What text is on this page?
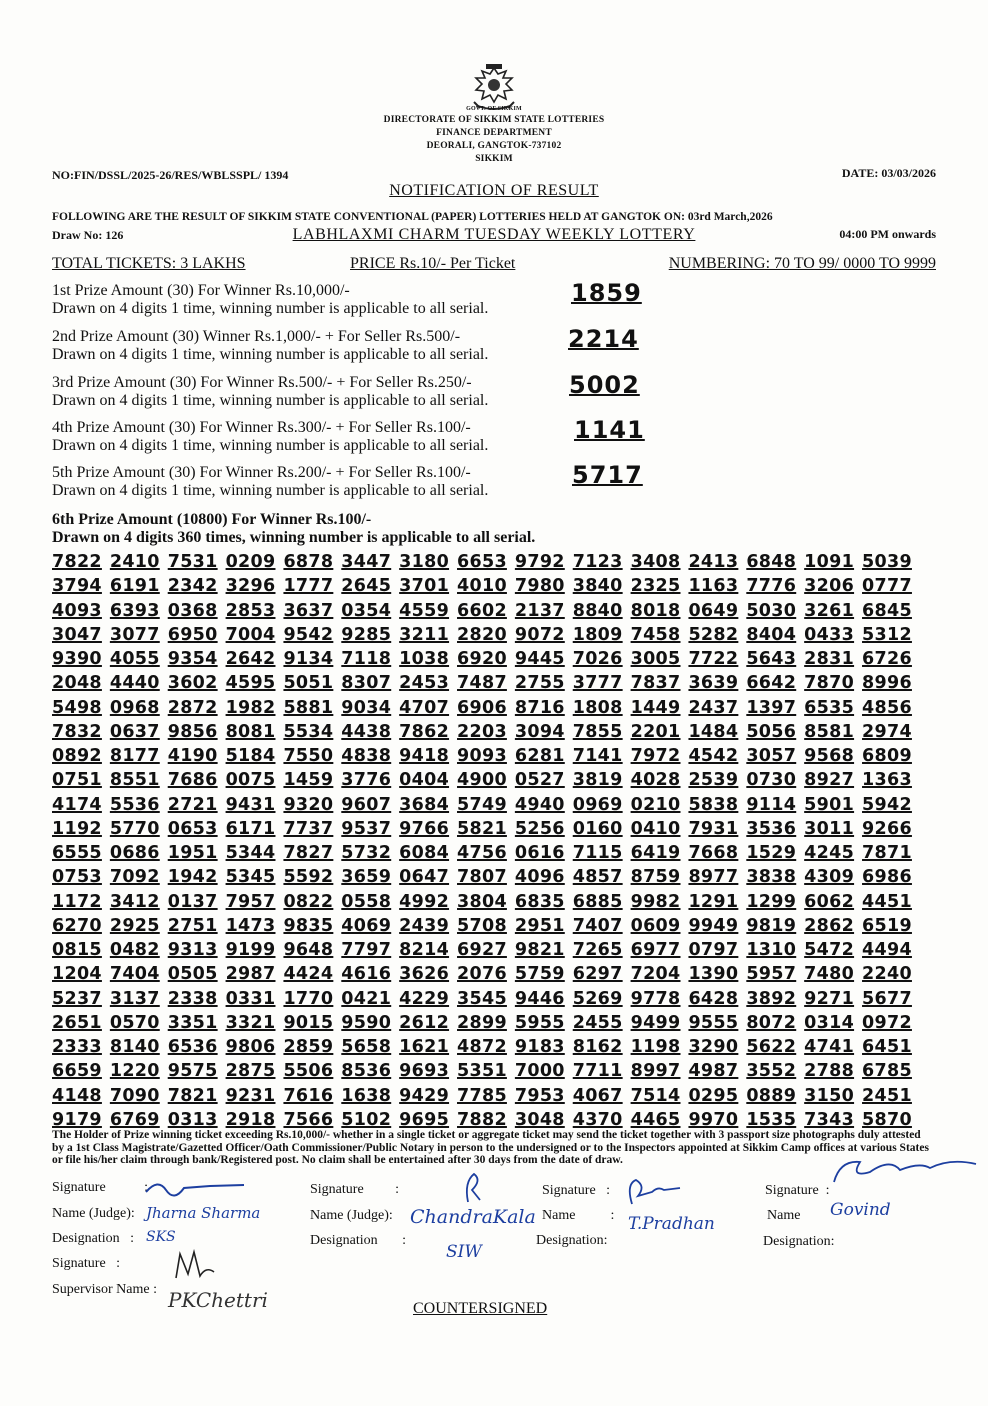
GOVT. OF SIKKIM
DIRECTORATE OF SIKKIM STATE LOTTERIES
FINANCE DEPARTMENT
DEORALI, GANGTOK-737102
SIKKIM
NO:FIN/DSSL/2025-26/RES/WBLSSPL/ 1394	DATE: 03/03/2026
NOTIFICATION OF RESULT
FOLLOWING ARE THE RESULT OF SIKKIM STATE CONVENTIONAL (PAPER) LOTTERIES HELD AT GANGTOK ON: 03rd March,2026
Draw No: 126	LABHLAXMI CHARM TUESDAY WEEKLY LOTTERY	04:00 PM onwards
TOTAL TICKETS: 3 LAKHS	PRICE Rs.10/- Per Ticket	NUMBERING: 70 TO 99/ 0000 TO 9999
1st Prize Amount (30) For Winner Rs.10,000/-
Drawn on 4 digits 1 time, winning number is applicable to all serial.
1859
2nd Prize Amount (30) Winner Rs.1,000/- + For Seller Rs.500/-
Drawn on 4 digits 1 time, winning number is applicable to all serial.
2214
3rd Prize Amount (30) For Winner Rs.500/- + For Seller Rs.250/-
Drawn on 4 digits 1 time, winning number is applicable to all serial.
5002
4th Prize Amount (30) For Winner Rs.300/- + For Seller Rs.100/-
Drawn on 4 digits 1 time, winning number is applicable to all serial.
1141
5th Prize Amount (30) For Winner Rs.200/- + For Seller Rs.100/-
Drawn on 4 digits 1 time, winning number is applicable to all serial.
5717
6th Prize Amount (10800) For Winner Rs.100/-
Drawn on 4 digits 360 times, winning number is applicable to all serial.
7822 2410 7531 0209 6878 3447 3180 6653 9792 7123 3408 2413 6848 1091 5039
3794 6191 2342 3296 1777 2645 3701 4010 7980 3840 2325 1163 7776 3206 0777
4093 6393 0368 2853 3637 0354 4559 6602 2137 8840 8018 0649 5030 3261 6845
3047 3077 6950 7004 9542 9285 3211 2820 9072 1809 7458 5282 8404 0433 5312
9390 4055 9354 2642 9134 7118 1038 6920 9445 7026 3005 7722 5643 2831 6726
2048 4440 3602 4595 5051 8307 2453 7487 2755 3777 7837 3639 6642 7870 8996
5498 0968 2872 1982 5881 9034 4707 6906 8716 1808 1449 2437 1397 6535 4856
7832 0637 9856 8081 5534 4438 7862 2203 3094 7855 2201 1484 5056 8581 2974
0892 8177 4190 5184 7550 4838 9418 9093 6281 7141 7972 4542 3057 9568 6809
0751 8551 7686 0075 1459 3776 0404 4900 0527 3819 4028 2539 0730 8927 1363
4174 5536 2721 9431 9320 9607 3684 5749 4940 0969 0210 5838 9114 5901 5942
1192 5770 0653 6171 7737 9537 9766 5821 5256 0160 0410 7931 3536 3011 9266
6555 0686 1951 5344 7827 5732 6084 4756 0616 7115 6419 7668 1529 4245 7871
0753 7092 1942 5345 5592 3659 0647 7807 4096 4857 8759 8977 3838 4309 6986
1172 3412 0137 7957 0822 0558 4992 3804 6835 6885 9982 1291 1299 6062 4451
6270 2925 2751 1473 9835 4069 2439 5708 2951 7407 0609 9949 9819 2862 6519
0815 0482 9313 9199 9648 7797 8214 6927 9821 7265 6977 0797 1310 5472 4494
1204 7404 0505 2987 4424 4616 3626 2076 5759 6297 7204 1390 5957 7480 2240
5237 3137 2338 0331 1770 0421 4229 3545 9446 5269 9778 6428 3892 9271 5677
2651 0570 3351 3321 9015 9590 2612 2899 5955 2455 9499 9555 8072 0314 0972
2333 8140 6536 9806 2859 5658 1621 4872 9183 8162 1198 3290 5622 4741 6451
6659 1220 9575 2875 5506 8536 9693 5351 7000 7711 8997 4987 3552 2788 6785
4148 7090 7821 9231 7616 1638 9429 7785 7953 4067 7514 0295 0889 3150 2451
9179 6769 0313 2918 7566 5102 9695 7882 3048 4370 4465 9970 1535 7343 5870
The Holder of Prize winning ticket exceeding Rs.10,000/- whether in a single ticket or aggregate ticket may send the ticket together with 3 passport size photographs duly attested by a 1st Class Magistrate/Gazetted Officer/Oath Commissioner/Public Notary in person to the undersigned or to the Inspectors appointed at Sikkim Camp offices at various States or file his/her claim through bank/Registered post. No claim shall be entertained after 30 days from the date of draw.
Signature           :
Name (Judge):
Designation   :
Signature   :
Supervisor Name :
Signature         :
Name (Judge):
Designation       :
Signature   :
Name          :
Designation:
Signature  :
Name
Designation:
COUNTERSIGNED
Jharna Sharma
SKS
ChandraKala
SIW
T.Pradhan
Govind
PKChettri
